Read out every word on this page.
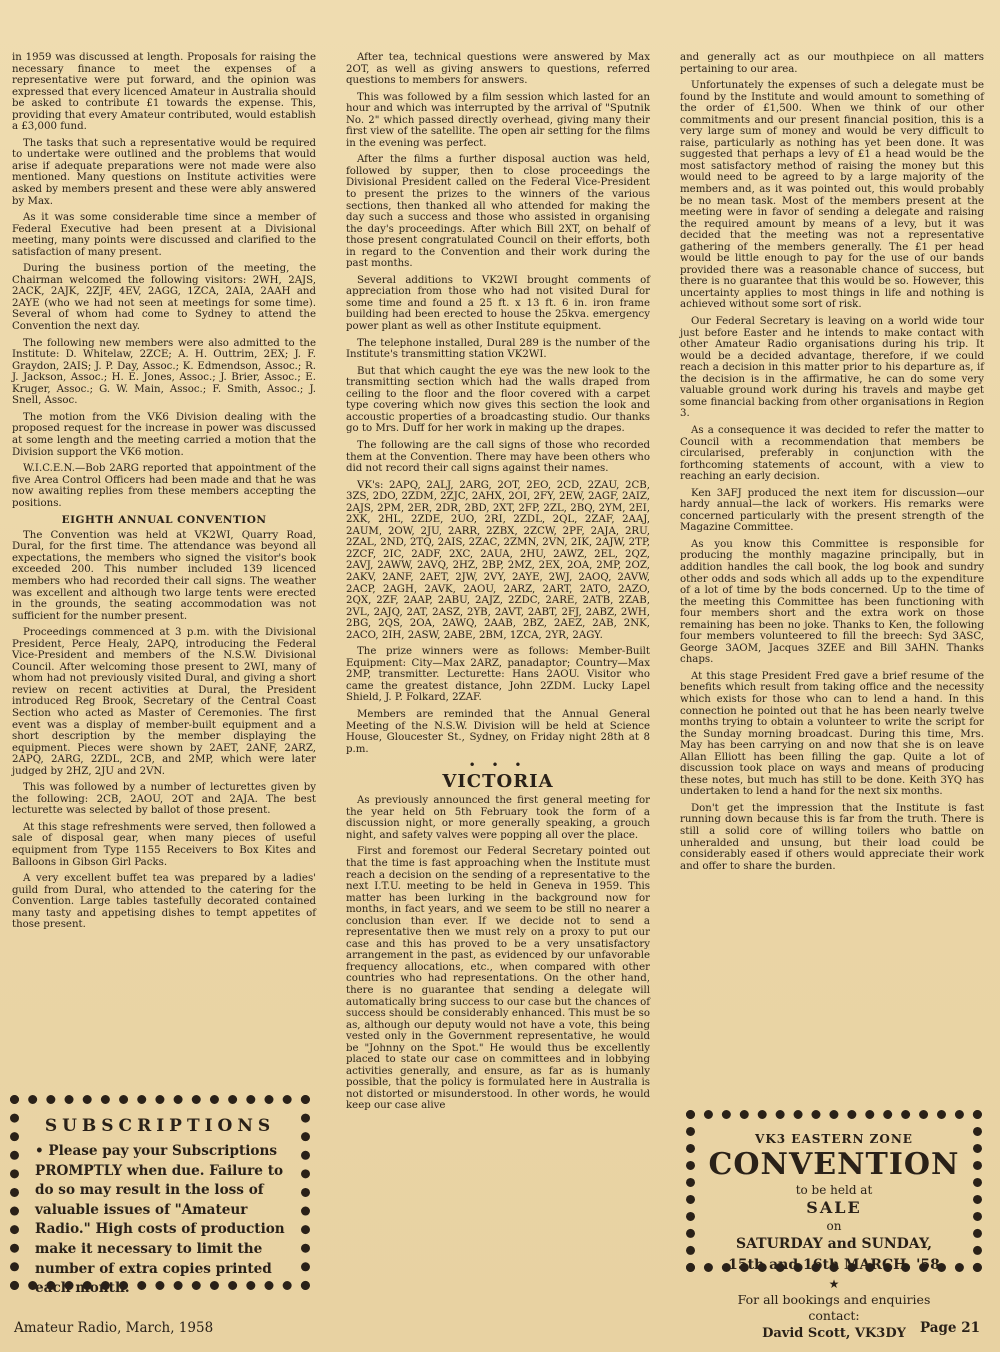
in 1959 was discussed at length. Proposals for raising the necessary finance to meet the expenses of a representative were put forward, and the opinion was expressed that every licenced Amateur in Australia should be asked to contribute £1 towards the expense. This, providing that every Amateur contributed, would establish a £3,000 fund.

The tasks that such a representative would be required to undertake were outlined and the problems that would arise if adequate preparations were not made were also mentioned. Many questions on Institute activities were asked by members present and these were ably answered by Max.

As it was some considerable time since a member of Federal Executive had been present at a Divisional meeting, many points were discussed and clarified to the satisfaction of many present.

During the business portion of the meeting, the Chairman welcomed the following visitors: 2WH, 2AJS, 2ACK, 2AJK, 2ZJF, 4EV, 2AGG, 1ZCA, 2AIA, 2AAH and 2AYE (who we had not seen at meetings for some time). Several of whom had come to Sydney to attend the Convention the next day.

The following new members were also admitted to the Institute: D. Whitelaw, 2ZCE; A. H. Outtrim, 2EX; J. F. Graydon, 2AIS; J. P. Day, Assoc.; K. Edmendson, Assoc.; R. J. Jackson, Assoc.; H. E. Jones, Assoc.; J. Brier, Assoc.; E. Kruger, Assoc.; G. W. Main, Assoc.; F. Smith, Assoc.; J. Snell, Assoc.

The motion from the VK6 Division dealing with the proposed request for the increase in power was discussed at some length and the meeting carried a motion that the Division support the VK6 motion.

W.I.C.E.N.—Bob 2ARG reported that appointment of the five Area Control Officers had been made and that he was now awaiting replies from these members accepting the positions.

EIGHTH ANNUAL CONVENTION

The Convention was held at VK2WI, Quarry Road, Dural, for the first time. The attendance was beyond all expectations, the members who signed the visitor's book exceeded 200. This number included 139 licenced members who had recorded their call signs. The weather was excellent and although two large tents were erected in the grounds, the seating accommodation was not sufficient for the number present.

Proceedings commenced at 3 p.m. with the Divisional President, Perce Healy, 2APQ, introducing the Federal Vice-President and members of the N.S.W. Divisional Council. After welcoming those present to 2WI, many of whom had not previously visited Dural, and giving a short review on recent activities at Dural, the President introduced Reg Brook, Secretary of the Central Coast Section who acted as Master of Ceremonies. The first event was a display of member-built equipment and a short description by the member displaying the equipment. Pieces were shown by 2AET, 2ANF, 2ARZ, 2APQ, 2ARG, 2ZDL, 2CB, and 2MP, which were later judged by 2HZ, 2JU and 2VN.

This was followed by a number of lecturettes given by the following: 2CB, 2AOU, 2OT and 2AJA. The best lecturette was selected by ballot of those present.

At this stage refreshments were served, then followed a sale of disposal gear, when many pieces of useful equipment from Type 1155 Receivers to Box Kites and Balloons in Gibson Girl Packs.

A very excellent buffet tea was prepared by a ladies' guild from Dural, who attended to the catering for the Convention. Large tables tastefully decorated contained many tasty and appetising dishes to tempt appetites of those present.

After tea, technical questions were answered by Max 2OT, as well as giving answers to questions, referred questions to members for answers.

This was followed by a film session which lasted for an hour and which was interrupted by the arrival of "Sputnik No. 2" which passed directly overhead, giving many their first view of the satellite. The open air setting for the films in the evening was perfect.

After the films a further disposal auction was held, followed by supper, then to close proceedings the Divisional President called on the Federal Vice-President to present the prizes to the winners of the various sections, then thanked all who attended for making the day such a success and those who assisted in organising the day's proceedings. After which Bill 2XT, on behalf of those present congratulated Council on their efforts, both in regard to the Convention and their work during the past months.

Several additions to VK2WI brought comments of appreciation from those who had not visited Dural for some time and found a 25 ft. x 13 ft. 6 in. iron frame building had been erected to house the 25kva. emergency power plant as well as other Institute equipment.

The telephone installed, Dural 289 is the number of the Institute's transmitting station VK2WI.

But that which caught the eye was the new look to the transmitting section which had the walls draped from ceiling to the floor and the floor covered with a carpet type covering which now gives this section the look and accoustic properties of a broadcasting studio. Our thanks go to Mrs. Duff for her work in making up the drapes.

The following are the call signs of those who recorded them at the Convention. There may have been others who did not record their call signs against their names.

VK's: 2APQ, 2ALJ, 2ARG, 2OT, 2EO, 2CD, 2ZAU, 2CB, 3ZS, 2DO, 2ZDM, 2ZJC, 2AHX, 2OI, 2FY, 2EW, 2AGF, 2AIZ, 2AJS, 2PM, 2ER, 2DR, 2BD, 2XT, 2FP, 2ZL, 2BQ, 2YM, 2EI, 2XK, 2HL, 2ZDE, 2UO, 2RI, 2ZDL, 2QL, 2ZAF, 2AAJ, 2AUM, 2OW, 2JU, 2ARR, 2ZBX, 2ZCW, 2PF, 2AJA, 2RU, 2ZAL, 2ND, 2TQ, 2AIS, 2ZAC, 2ZMN, 2VN, 2IK, 2AJW, 2TP, 2ZCF, 2IC, 2ADF, 2XC, 2AUA, 2HU, 2AWZ, 2EL, 2QZ, 2AVJ, 2AWW, 2AVQ, 2HZ, 2BP, 2MZ, 2EX, 2OA, 2MP, 2OZ, 2AKV, 2ANF, 2AET, 2JW, 2VY, 2AYE, 2WJ, 2AOQ, 2AVW, 2ACP, 2AGH, 2AVK, 2AOU, 2ARZ, 2ART, 2ATO, 2AZO, 2QX, 2ZF, 2AAP, 2ABU, 2AJZ, 2ZDC, 2ARE, 2ATB, 2ZAB, 2VL, 2AJQ, 2AT, 2ASZ, 2YB, 2AVT, 2ABT, 2FJ, 2ABZ, 2WH, 2BG, 2QS, 2OA, 2AWQ, 2AAB, 2BZ, 2AEZ, 2AB, 2NK, 2ACO, 2IH, 2ASW, 2ABE, 2BM, 1ZCA, 2YR, 2AGY.

The prize winners were as follows: Member-Built Equipment: City—Max 2ARZ, panadaptor; Country—Max 2MP, transmitter. Lecturette: Hans 2AOU. Visitor who came the greatest distance, John 2ZDM. Lucky Lapel Shield, J. P. Folkard, 2ZAF.

Members are reminded that the Annual General Meeting of the N.S.W. Division will be held at Science House, Gloucester St., Sydney, on Friday night 28th at 8 p.m.

• • •
VICTORIA

As previously announced the first general meeting for the year held on 5th February took the form of a discussion night, or more generally speaking, a grouch night, and safety valves were popping all over the place.

First and foremost our Federal Secretary pointed out that the time is fast approaching when the Institute must reach a decision on the sending of a representative to the next I.T.U. meeting to be held in Geneva in 1959. This matter has been lurking in the background now for months, in fact years, and we seem to be still no nearer a conclusion than ever. If we decide not to send a representative then we must rely on a proxy to put our case and this has proved to be a very unsatisfactory arrangement in the past, as evidenced by our unfavorable frequency allocations, etc., when compared with other countries who had representations. On the other hand, there is no guarantee that sending a delegate will automatically bring success to our case but the chances of success should be considerably enhanced. This must be so as, although our deputy would not have a vote, this being vested only in the Government representative, he would be "Johnny on the Spot." He would thus be excellently placed to state our case on committees and in lobbying activities generally, and ensure, as far as is humanly possible, that the policy is formulated here in Australia is not distorted or misunderstood. In other words, he would keep our case alive

and generally act as our mouthpiece on all matters pertaining to our area.

Unfortunately the expenses of such a delegate must be found by the Institute and would amount to something of the order of £1,500. When we think of our other commitments and our present financial position, this is a very large sum of money and would be very difficult to raise, particularly as nothing has yet been done. It was suggested that perhaps a levy of £1 a head would be the most satisfactory method of raising the money but this would need to be agreed to by a large majority of the members and, as it was pointed out, this would probably be no mean task. Most of the members present at the meeting were in favor of sending a delegate and raising the required amount by means of a levy, but it was decided that the meeting was not a representative gathering of the members generally. The £1 per head would be little enough to pay for the use of our bands provided there was a reasonable chance of success, but there is no guarantee that this would be so. However, this uncertainty applies to most things in life and nothing is achieved without some sort of risk.

Our Federal Secretary is leaving on a world wide tour just before Easter and he intends to make contact with other Amateur Radio organisations during his trip. It would be a decided advantage, therefore, if we could reach a decision in this matter prior to his departure as, if the decision is in the affirmative, he can do some very valuable ground work during his travels and maybe get some financial backing from other organisations in Region 3.

As a consequence it was decided to refer the matter to Council with a recommendation that members be circularised, preferably in conjunction with the forthcoming statements of account, with a view to reaching an early decision.

Ken 3AFJ produced the next item for discussion—our hardy annual—the lack of workers. His remarks were concerned particularly with the present strength of the Magazine Committee.

As you know this Committee is responsible for producing the monthly magazine principally, but in addition handles the call book, the log book and sundry other odds and sods which all adds up to the expenditure of a lot of time by the bods concerned. Up to the time of the meeting this Committee has been functioning with four members short and the extra work on those remaining has been no joke. Thanks to Ken, the following four members volunteered to fill the breech: Syd 3ASC, George 3AOM, Jacques 3ZEE and Bill 3AHN. Thanks chaps.

At this stage President Fred gave a brief resume of the benefits which result from taking office and the necessity which exists for those who can to lend a hand. In this connection he pointed out that he has been nearly twelve months trying to obtain a volunteer to write the script for the Sunday morning broadcast. During this time, Mrs. May has been carrying on and now that she is on leave Allan Elliott has been filling the gap. Quite a lot of discussion took place on ways and means of producing these notes, but much has still to be done. Keith 3YQ has undertaken to lend a hand for the next six months.

Don't get the impression that the Institute is fast running down because this is far from the truth. There is still a solid core of willing toilers who battle on unheralded and unsung, but their load could be considerably eased if others would appreciate their work and offer to share the burden.

SUBSCRIPTIONS
• Please pay your Subscriptions PROMPTLY when due. Failure to do so may result in the loss of valuable issues of "Amateur Radio." High costs of production make it necessary to limit the number of extra copies printed each month.
VK3 EASTERN ZONE
CONVENTION
to be held at
SALE
on
SATURDAY and SUNDAY,
15th and 16th MARCH, '58
★
For all bookings and enquiries
contact:
David Scott, VK3DY
Amateur Radio, March, 1958	Page 21
